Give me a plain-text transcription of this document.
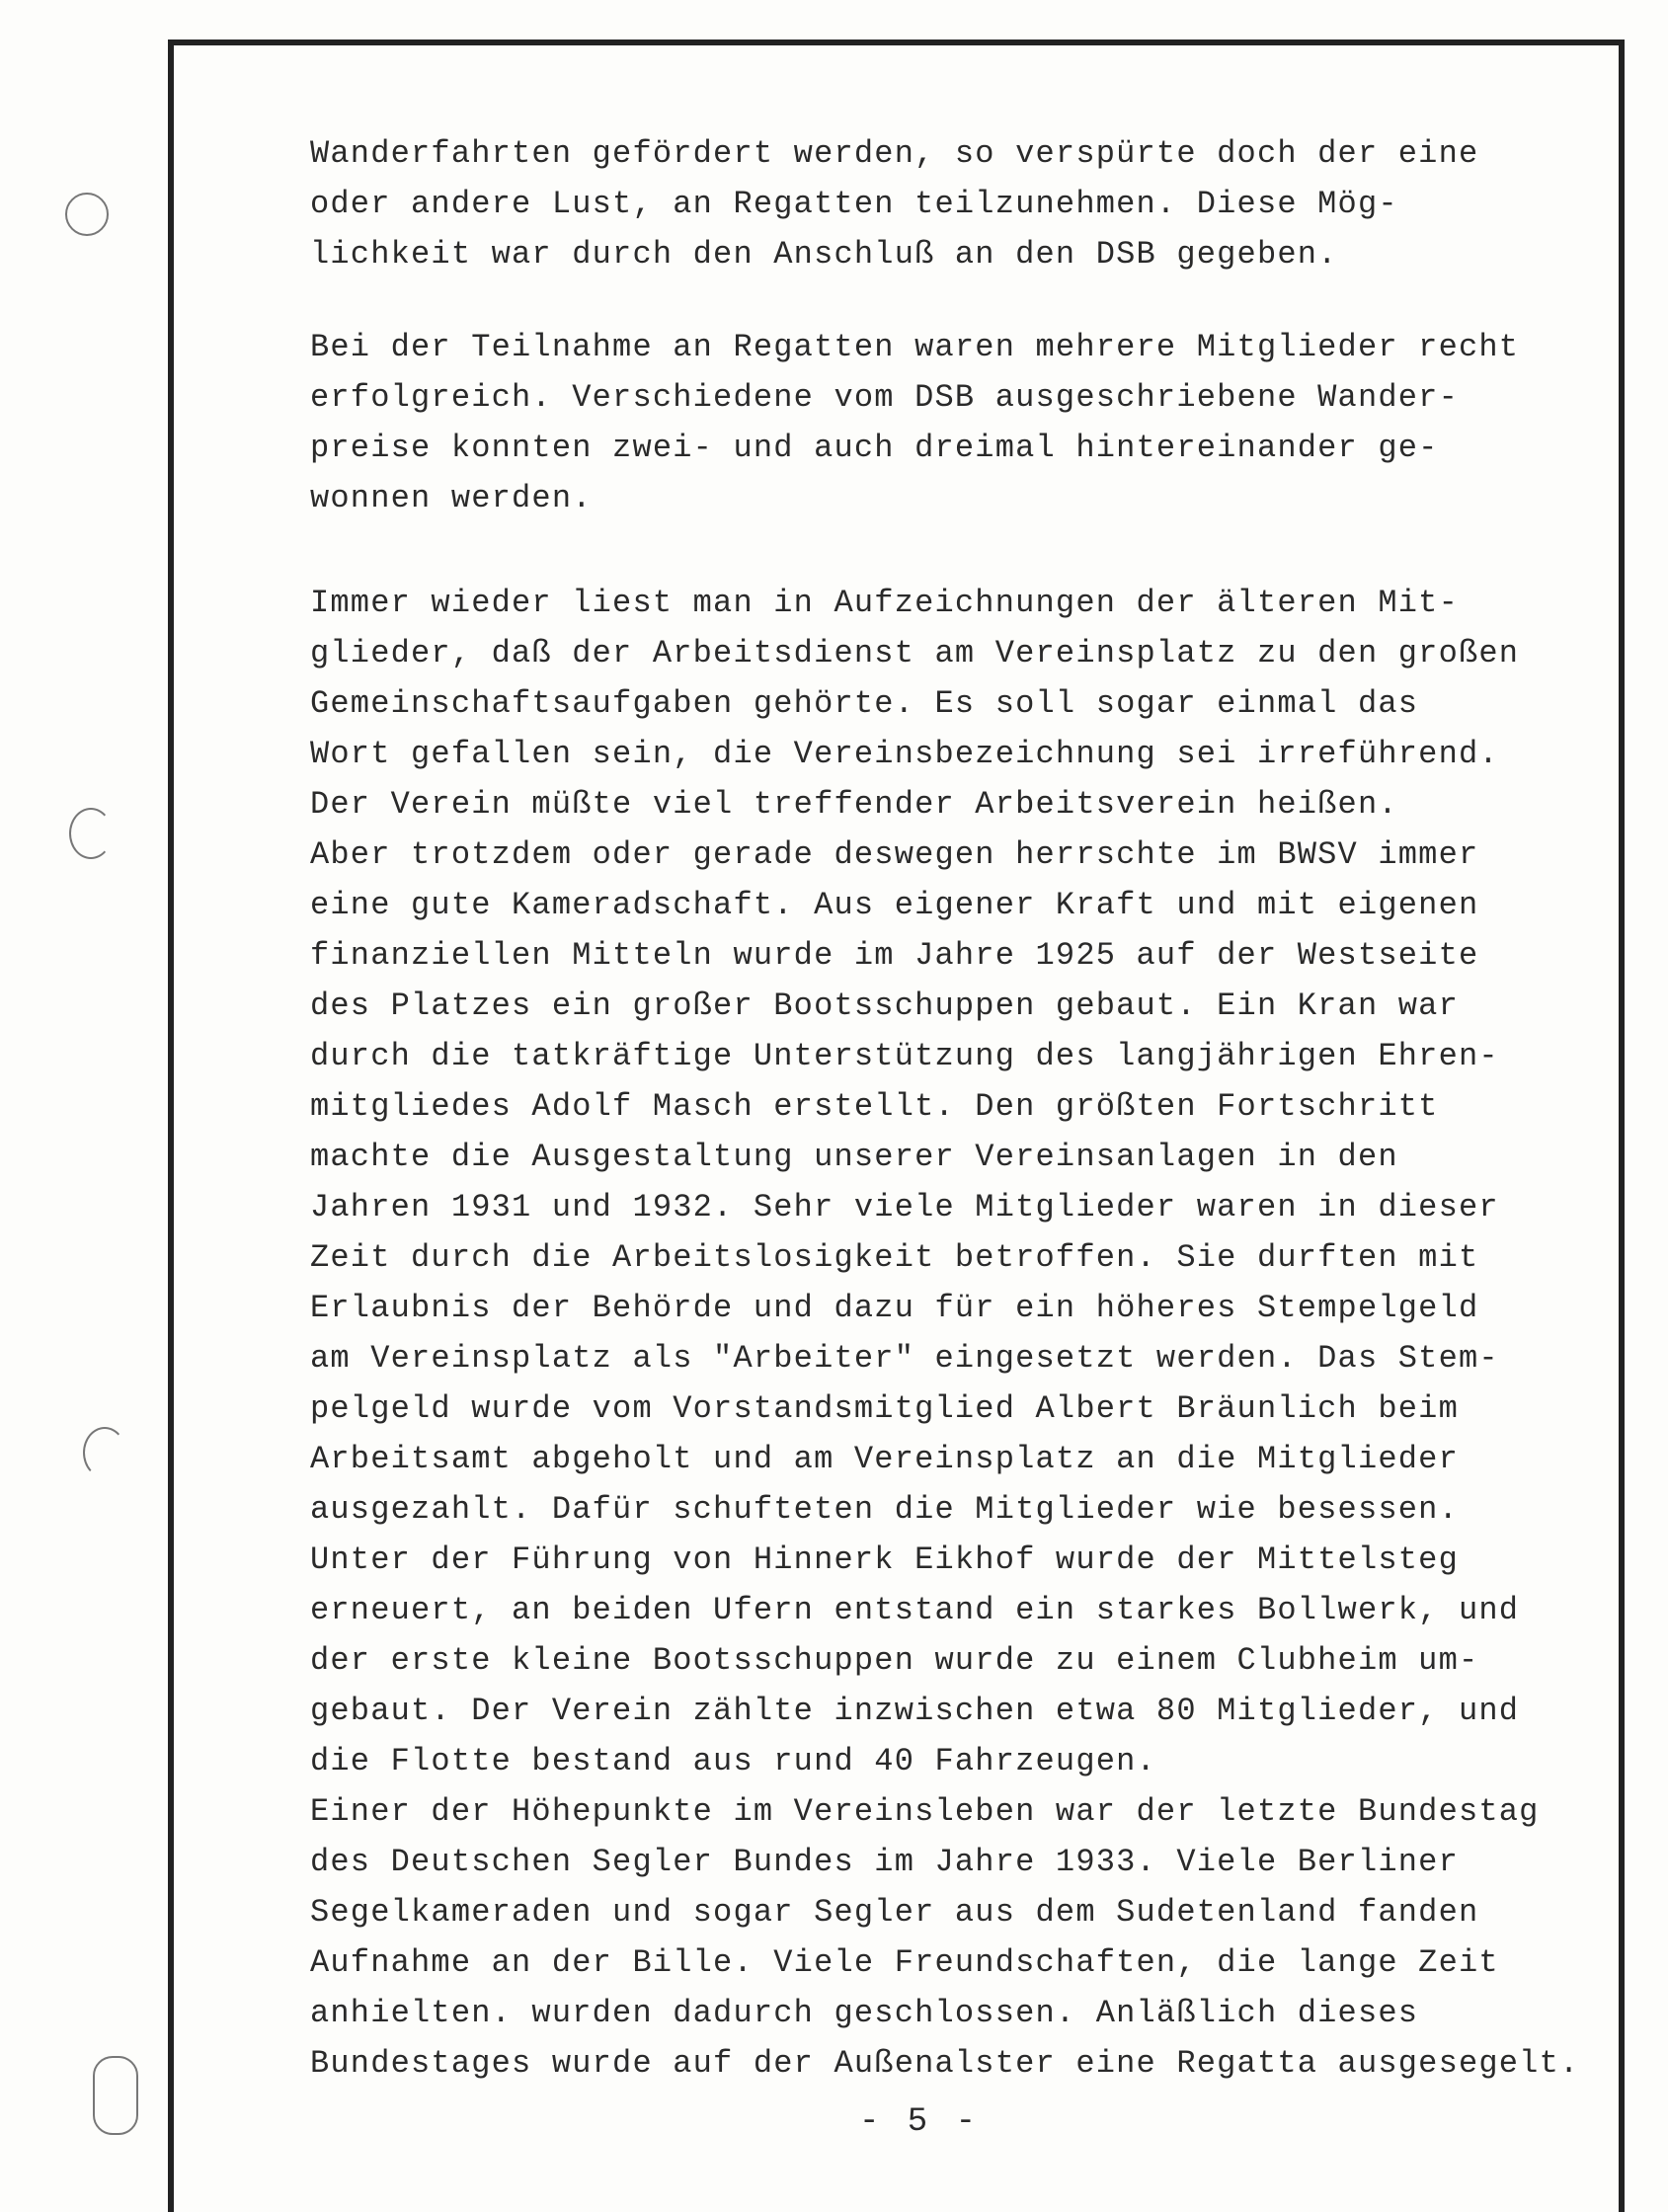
Wanderfahrten gefördert werden, so verspürte doch der eine
oder andere Lust, an Regatten teilzunehmen. Diese Mög-
lichkeit war durch den Anschluß an den DSB gegeben.
Bei der Teilnahme an Regatten waren mehrere Mitglieder recht
erfolgreich. Verschiedene vom DSB ausgeschriebene Wander-
preise konnten zwei- und auch dreimal hintereinander ge-
wonnen werden.
Immer wieder liest man in Aufzeichnungen der älteren Mit-
glieder, daß der Arbeitsdienst am Vereinsplatz zu den großen
Gemeinschaftsaufgaben gehörte. Es soll sogar einmal das
Wort gefallen sein, die Vereinsbezeichnung sei irreführend.
Der Verein müßte viel treffender Arbeitsverein heißen.
Aber trotzdem oder gerade deswegen herrschte im BWSV immer
eine gute Kameradschaft. Aus eigener Kraft und mit eigenen
finanziellen Mitteln wurde im Jahre 1925 auf der Westseite
des Platzes ein großer Bootsschuppen gebaut. Ein Kran war
durch die tatkräftige Unterstützung des langjährigen Ehren-
mitgliedes Adolf Masch erstellt. Den größten Fortschritt
machte die Ausgestaltung unserer Vereinsanlagen in den
Jahren 1931 und 1932. Sehr viele Mitglieder waren in dieser
Zeit durch die Arbeitslosigkeit betroffen. Sie durften mit
Erlaubnis der Behörde und dazu für ein höheres Stempelgeld
am Vereinsplatz als "Arbeiter" eingesetzt werden. Das Stem-
pelgeld wurde vom Vorstandsmitglied Albert Bräunlich beim
Arbeitsamt abgeholt und am Vereinsplatz an die Mitglieder
ausgezahlt. Dafür schufteten die Mitglieder wie besessen.
Unter der Führung von Hinnerk Eikhof wurde der Mittelsteg
erneuert, an beiden Ufern entstand ein starkes Bollwerk, und
der erste kleine Bootsschuppen wurde zu einem Clubheim um-
gebaut. Der Verein zählte inzwischen etwa 80 Mitglieder, und
die Flotte bestand aus rund 40 Fahrzeugen.
Einer der Höhepunkte im Vereinsleben war der letzte Bundestag
des Deutschen Segler Bundes im Jahre 1933. Viele Berliner
Segelkameraden und sogar Segler aus dem Sudetenland fanden
Aufnahme an der Bille. Viele Freundschaften, die lange Zeit
anhielten. wurden dadurch geschlossen. Anläßlich dieses
Bundestages wurde auf der Außenalster eine Regatta ausgesegelt.
- 5 -
